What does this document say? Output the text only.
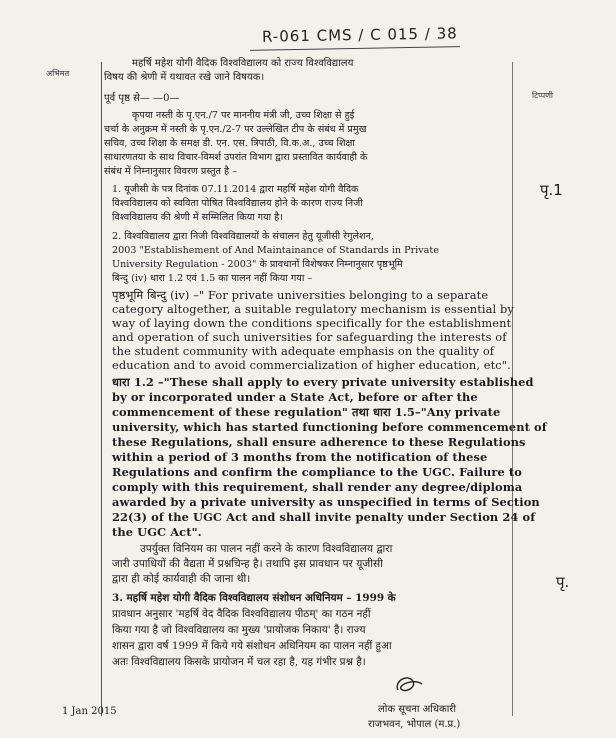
R-061 CMS / C 015 / 38
अभिमत
टिप्पणी
पृ.1
पृ.
महर्षि महेश योगी वैदिक विश्वविद्यालय को राज्य विश्वविद्यालय
विषय की श्रेणी में यथावत रखे जाने विषयक।
पूर्व पृष्ठ से— —0—
कृपया नस्ती के पृ.एन./7 पर माननीय मंत्री जी, उच्च शिक्षा से हुई
चर्चा के अनुक्रम में नस्ती के पृ.एन./2-7 पर उल्लेखित टीप के संबंध में प्रमुख
सचिव, उच्च शिक्षा के समक्ष डी. एन. एस. त्रिपाठी, वि.क.अ., उच्च शिक्षा
साधारणतया के साथ विचार-विमर्श उपरांत विभाग द्वारा प्रस्तावित कार्यवाही के
संबंध में निम्नानुसार विवरण प्रस्तुत है –
1. यूजीसी के पत्र दिनांक 07.11.2014 द्वारा महर्षि महेश योगी वैदिक
विश्वविद्यालय को स्वविता पोषित विश्वविद्यालय होने के कारण राज्य निजी
विश्वविद्यालय की श्रेणी में सम्मिलित किया गया है।
2. विश्वविद्यालय द्वारा निजी विश्वविद्यालयों के संचालन हेतु यूजीसी रेगुलेशन,
2003 "Establishement of And Maintainance of Standards in Private
University Regulation - 2003" के प्रावधानों विशेषकर निम्नानुसार पृष्ठभूमि
बिन्दु (iv) धारा 1.2 एवं 1.5 का पालन नहीं किया गया –
पृष्ठभूमि बिन्दु (iv) –" For private universities belonging to a separate
category altogether, a suitable regulatory mechanism is essential by
way of laying down the conditions specifically for the establishment
and operation of such universities for safeguarding the interests of
the student community with adequate emphasis on the quality of
education and to avoid commercialization of higher education, etc".
धारा 1.2 –"These shall apply to every private university established
by or incorporated under a State Act, before or after the
commencement of these regulation" तथा धारा 1.5–"Any private
university, which has started functioning before commencement of
these Regulations, shall ensure adherence to these Regulations
within a period of 3 months from the notification of these
Regulations and confirm the compliance to the UGC. Failure to
comply with this requirement, shall render any degree/diploma
awarded by a private university as unspecified in terms of Section
22(3) of the UGC Act and shall invite penalty under Section 24 of
the UGC Act".
उपर्युक्त विनियम का पालन नहीं करने के कारण विश्वविद्यालय द्वारा
जारी उपाधियों की वैद्यता में प्रश्नचिन्ह है। तथापि इस प्रावधान पर यूजीसी
द्वारा ही कोई कार्यवाही की जाना थी।
3. महर्षि महेश योगी वैदिक विश्वविद्यालय संशोधन अधिनियम – 1999 के
प्रावधान अनुसार 'महर्षि वेद वैदिक विश्वविद्यालय पीठम्' का गठन नहीं
किया गया है जो विश्वविद्यालय का मुख्य 'प्रायोजक निकाय' है। राज्य
शासन द्वारा वर्ष 1999 में किये गये संशोधन अधिनियम का पालन नहीं हुआ
अतः विश्वविद्यालय किसके प्रायोजन में चल रहा है, यह गंभीर प्रश्न है।
1 Jan 2015	लोक सूचना अधिकारी
राजभवन, भोपाल (म.प्र.)
